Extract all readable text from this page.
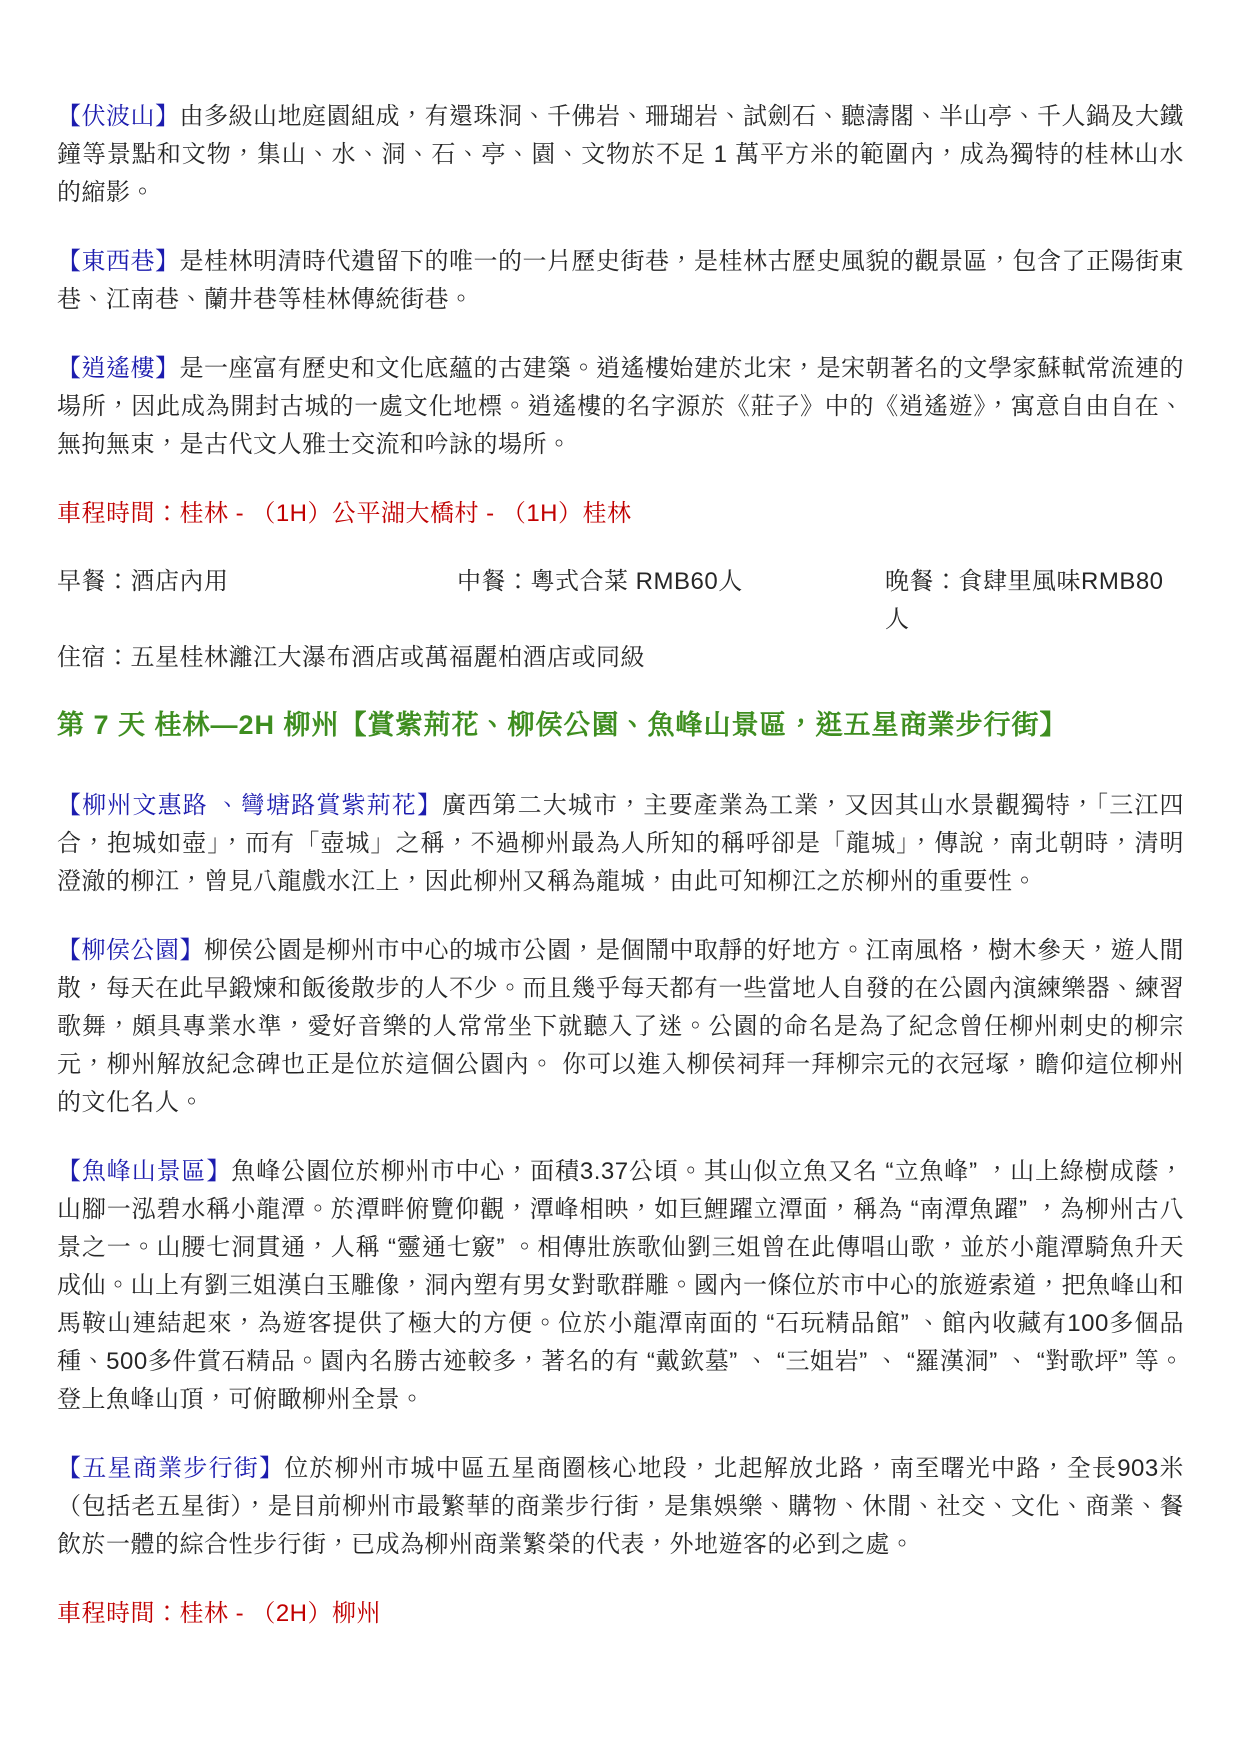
【伏波山】由多級山地庭園組成，有還珠洞、千佛岩、珊瑚岩、試劍石、聽濤閣、半山亭、千人鍋及大鐵鐘等景點和文物，集山、水、洞、石、亭、園、文物於不足 1 萬平方米的範圍內，成為獨特的桂林山水的縮影。

【東西巷】是桂林明清時代遺留下的唯一的一片歷史街巷，是桂林古歷史風貌的觀景區，包含了正陽街東巷、江南巷、蘭井巷等桂林傳統街巷。

【逍遙樓】是一座富有歷史和文化底蘊的古建築。逍遙樓始建於北宋，是宋朝著名的文學家蘇軾常流連的場所，因此成為開封古城的一處文化地標。逍遙樓的名字源於《莊子》中的《逍遙遊》，寓意自由自在、無拘無束，是古代文人雅士交流和吟詠的場所。

車程時間：桂林 - （1H）公平湖大橋村 - （1H）桂林

早餐：酒店內用	中餐：粵式合菜 RMB60人	晚餐：食肆里風味RMB80人
住宿：五星桂林灕江大瀑布酒店或萬福麗柏酒店或同級
第 7 天 桂林—2H 柳州【賞紫荊花、柳侯公園、魚峰山景區，逛五星商業步行街】

【柳州文惠路 、彎塘路賞紫荊花】廣西第二大城市，主要產業為工業，又因其山水景觀獨特，「三江四合，抱城如壺」，而有「壺城」之稱，不過柳州最為人所知的稱呼卻是「龍城」，傳說，南北朝時，清明澄澈的柳江，曾見八龍戲水江上，因此柳州又稱為龍城，由此可知柳江之於柳州的重要性。

【柳侯公園】柳侯公園是柳州市中心的城市公園，是個鬧中取靜的好地方。江南風格，樹木參天，遊人閒散，每天在此早鍛煉和飯後散步的人不少。而且幾乎每天都有一些當地人自發的在公園內演練樂器、練習歌舞，頗具專業水準，愛好音樂的人常常坐下就聽入了迷。公園的命名是為了紀念曾任柳州刺史的柳宗元，柳州解放紀念碑也正是位於這個公園內。 你可以進入柳侯祠拜一拜柳宗元的衣冠塚，瞻仰這位柳州的文化名人。

【魚峰山景區】魚峰公園位於柳州市中心，面積3.37公頃。其山似立魚又名 “立魚峰” ，山上綠樹成蔭，山腳一泓碧水稱小龍潭。於潭畔俯覽仰觀，潭峰相映，如巨鯉躍立潭面，稱為 “南潭魚躍” ，為柳州古八景之一。山腰七洞貫通，人稱 “靈通七竅” 。相傳壯族歌仙劉三姐曾在此傳唱山歌，並於小龍潭騎魚升天成仙。山上有劉三姐漢白玉雕像，洞內塑有男女對歌群雕。國內一條位於市中心的旅遊索道，把魚峰山和馬鞍山連結起來，為遊客提供了極大的方便。位於小龍潭南面的 “石玩精品館” 、館內收藏有100多個品種、500多件賞石精品。園內名勝古迹較多，著名的有 “戴欽墓” 、 “三姐岩” 、 “羅漢洞” 、 “對歌坪” 等。登上魚峰山頂，可俯瞰柳州全景。

【五星商業步行街】位於柳州市城中區五星商圈核心地段，北起解放北路，南至曙光中路，全長903米（包括老五星街），是目前柳州市最繁華的商業步行街，是集娛樂、購物、休閒、社交、文化、商業、餐飲於一體的綜合性步行街，已成為柳州商業繁榮的代表，外地遊客的必到之處。

車程時間：桂林 - （2H）柳州
